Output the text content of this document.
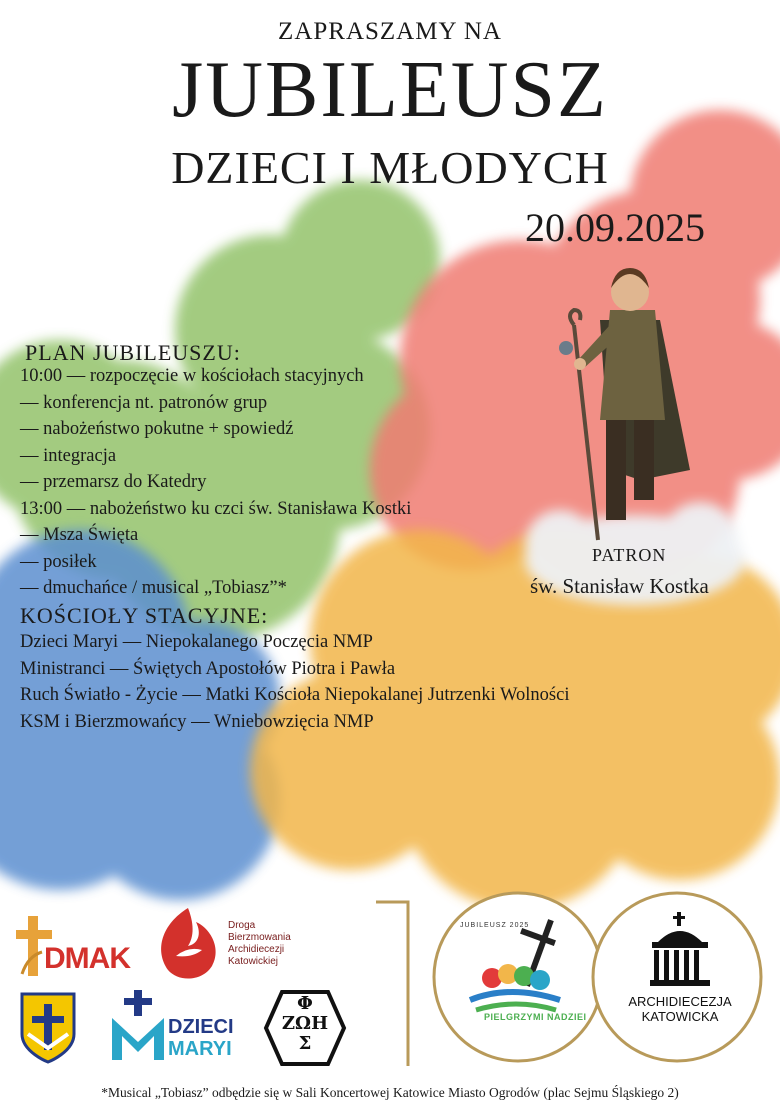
ZAPRASZAMY NA
JUBILEUSZ
DZIECI I MŁODYCH
20.09.2025
PLAN JUBILEUSZU:
10:00 — rozpoczęcie w kościołach stacyjnych
— konferencja nt. patronów grup
— nabożeństwo pokutne + spowiedź
— integracja
— przemarsz do Katedry
13:00 — nabożeństwo ku czci św. Stanisława Kostki
— Msza Święta
— posiłek
— dmuchańce / musical „Tobiasz”*
KOŚCIOŁY STACYJNE:
Dzieci Maryi — Niepokalanego Poczęcia NMP
Ministranci — Świętych Apostołów Piotra i Pawła
Ruch Światło - Życie — Matki Kościoła Niepokalanej Jutrzenki Wolności
KSM i Bierzmowańcy — Wniebowzięcia NMP
PATRON
św. Stanisław Kostka
DMAK
Droga
Bierzmowania
Archidiecezji
Katowickiej
DZIECI
MARYI
Φ
ΖΩΗ
Σ
JUBILEUSZ 2025
PIELGRZYMI NADZIEI
ARCHIDIECEZJA
KATOWICKA
*Musical „Tobiasz” odbędzie się w Sali Koncertowej Katowice Miasto Ogrodów (plac Sejmu Śląskiego 2)
